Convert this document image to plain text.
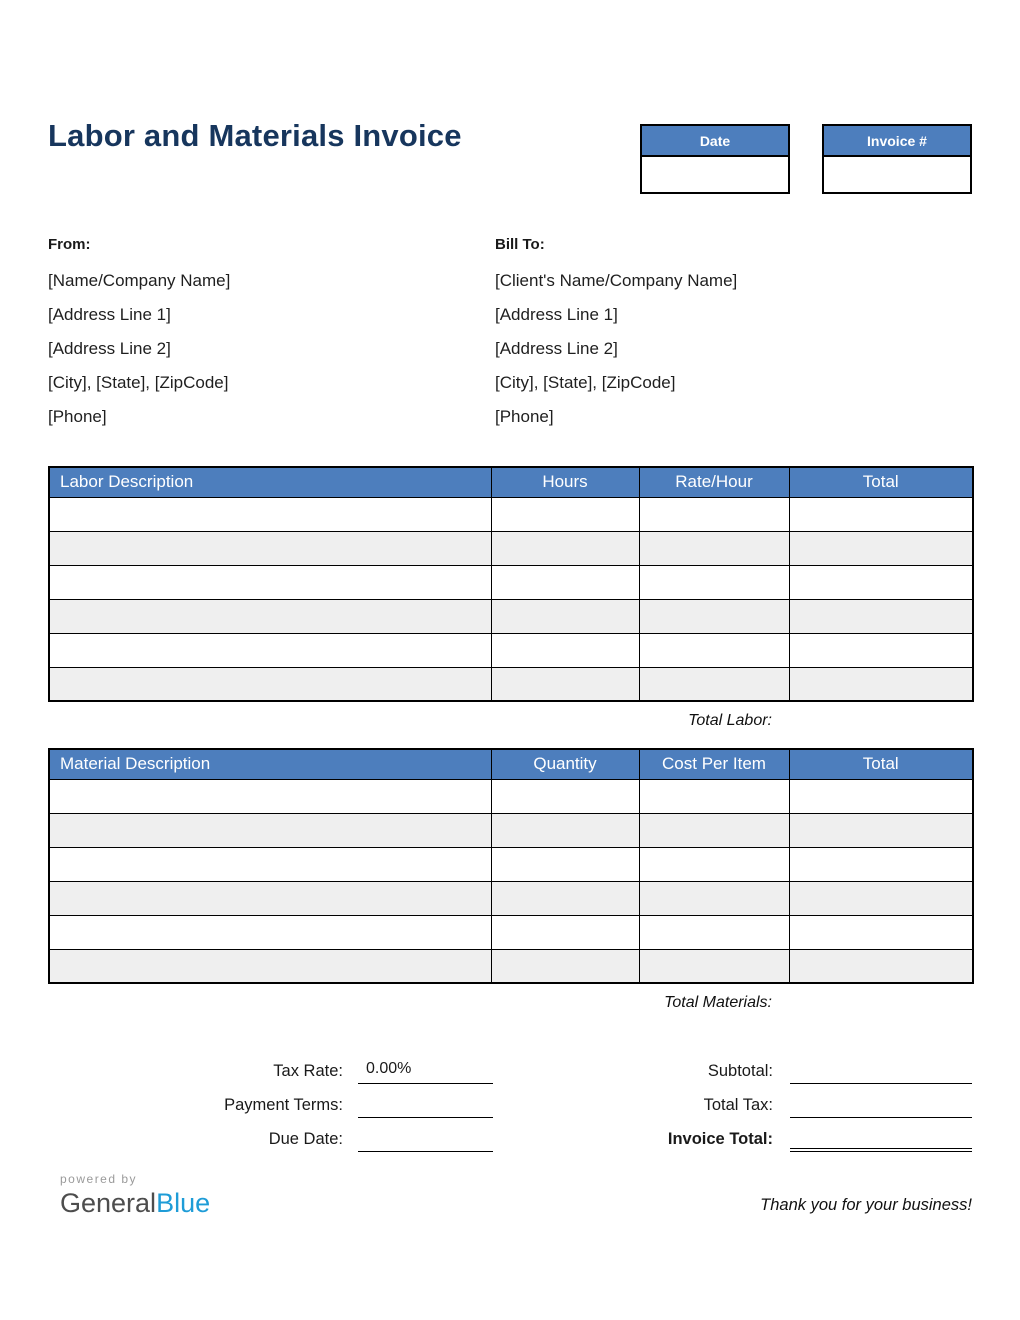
Labor and Materials Invoice	Date	Invoice #
From:
[Name/Company Name]
[Address Line 1]
[Address Line 2]
[City], [State], [ZipCode]
[Phone]
Bill To:
[Client's Name/Company Name]
[Address Line 1]
[Address Line 2]
[City], [State], [ZipCode]
[Phone]
Labor Description	Hours	Rate/Hour	Total

Total Labor:
Material Description	Quantity	Cost Per Item	Total

Total Materials:
Tax Rate:	0.00%
Payment Terms:
Due Date:
Subtotal:
Total Tax:
Invoice Total:
powered by
GeneralBlue	Thank you for your business!
